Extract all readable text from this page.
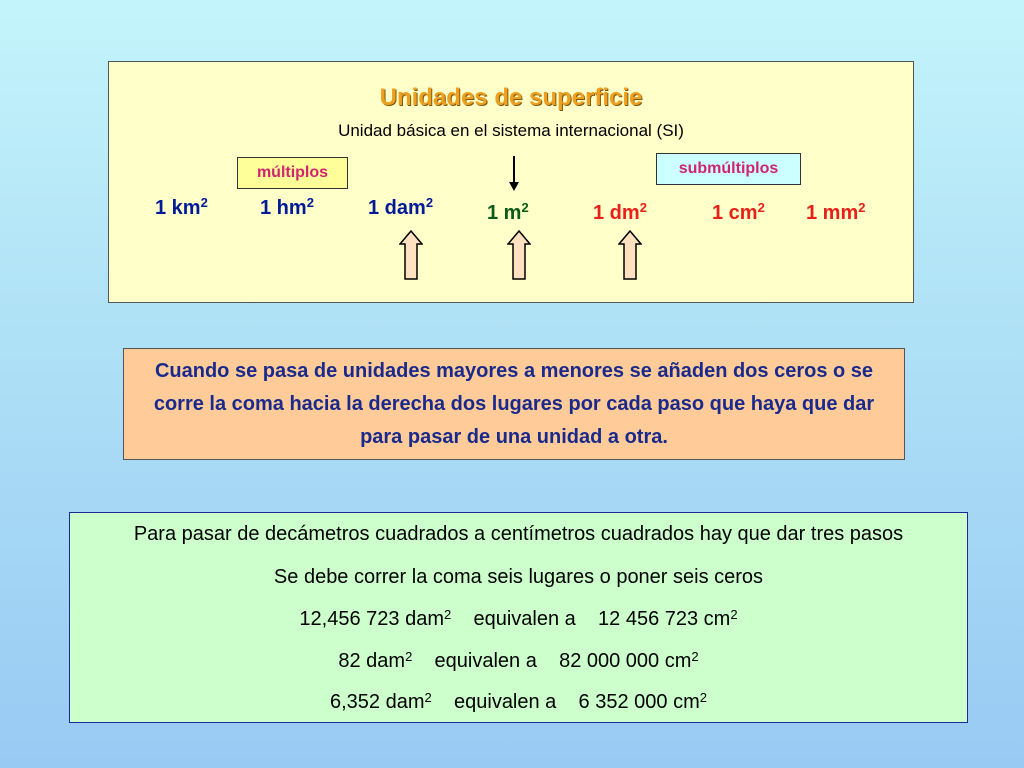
Unidades de superficie
Unidad básica en el sistema internacional (SI)
múltiplos	submúltiplos
1 $km^2$	1 $hm^2$	1 dam$^2$	1 $m^2$	1 $dm^2$	1 $cm^2$ 1 $mm^2$

Cuando se pasa de unidades mayores a menores se añaden dos ceros o se corre la coma hacia la derecha dos lugares por cada paso que haya que dar para pasar de una unidad a otra.

Para pasar de decámetros cuadrados a centímetros cuadrados hay que dar tres pasos
Se debe correr la coma seis lugares o poner seis ceros
12,456 723 dam$^2$ equivalen a 12 456 723 $cm^2$
82 dam$^2$ equivalen a 82 000 000 $cm^2$
6,352 dam$^2$ equivalen a 6 352 000 $cm^2$
